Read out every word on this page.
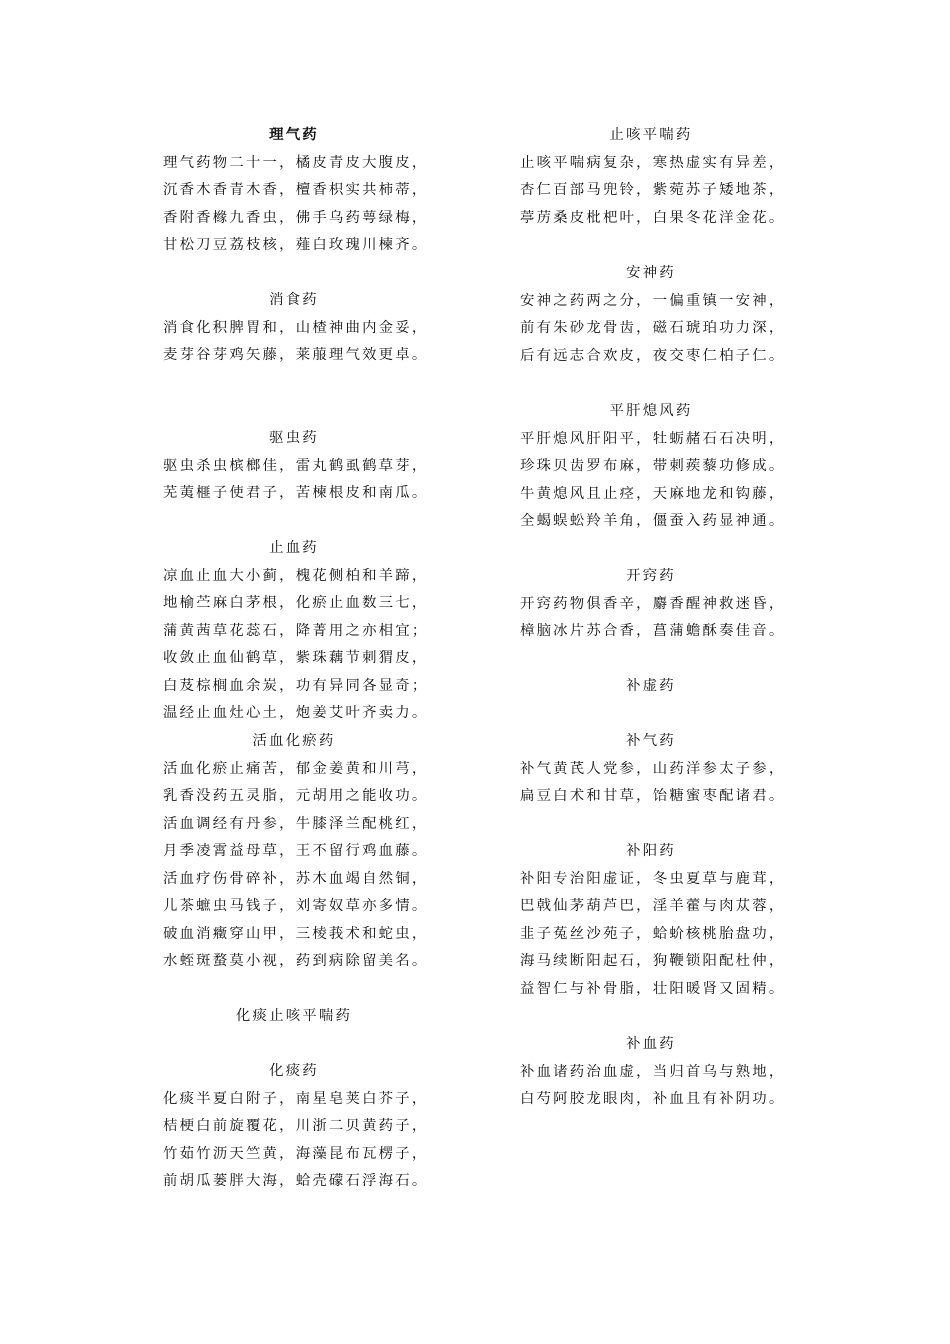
理气药
理气药物二十一，橘皮青皮大腹皮，
沉香木香青木香，檀香枳实共柿蒂，
香附香橼九香虫，佛手乌药萼绿梅，
甘松刀豆荔枝核，薤白玫瑰川楝齐。
消食药
消食化积脾胃和，山楂神曲内金妥，
麦芽谷芽鸡矢藤，莱菔理气效更卓。
驱虫药
驱虫杀虫槟榔佳，雷丸鹤虱鹤草芽，
芜荑榧子使君子，苦楝根皮和南瓜。
止血药
凉血止血大小蓟，槐花侧柏和羊蹄，
地榆苎麻白茅根，化瘀止血数三七，
蒲黄茜草花蕊石，降菁用之亦相宜；
收敛止血仙鹤草，紫珠藕节刺猬皮，
白芨棕榈血余炭，功有异同各显奇；
温经止血灶心土，炮姜艾叶齐卖力。
活血化瘀药
活血化瘀止痛苦，郁金姜黄和川芎，
乳香没药五灵脂，元胡用之能收功。
活血调经有丹参，牛膝泽兰配桃红，
月季凌霄益母草，王不留行鸡血藤。
活血疗伤骨碎补，苏木血竭自然铜，
儿茶蟅虫马钱子，刘寄奴草亦多情。
破血消癥穿山甲，三棱莪术和蛇虫，
水蛭斑蝥莫小视，药到病除留美名。
化痰止咳平喘药
化痰药
化痰半夏白附子，南星皂荚白芥子，
桔梗白前旋覆花，川浙二贝黄药子，
竹茹竹沥天竺黄，海藻昆布瓦楞子，
前胡瓜蒌胖大海，蛤壳礞石浮海石。
止咳平喘药
止咳平喘病复杂，寒热虚实有异差，
杏仁百部马兜铃，紫菀苏子矮地茶，
葶苈桑皮枇杷叶，白果冬花洋金花。
安神药
安神之药两之分，一偏重镇一安神，
前有朱砂龙骨齿，磁石琥珀功力深，
后有远志合欢皮，夜交枣仁柏子仁。
平肝熄风药
平肝熄风肝阳平，牡蛎赭石石决明，
珍珠贝齿罗布麻，带刺蒺藜功修成。
牛黄熄风且止痉，天麻地龙和钩藤，
全蝎蜈蚣羚羊角，僵蚕入药显神通。
开窍药
开窍药物俱香辛，麝香醒神救迷昏，
樟脑冰片苏合香，菖蒲蟾酥奏佳音。
补虚药
补气药
补气黄芪人党参，山药洋参太子参，
扁豆白术和甘草，饴糖蜜枣配诸君。
补阳药
补阳专治阳虚证，冬虫夏草与鹿茸，
巴戟仙茅葫芦巴，淫羊藿与肉苁蓉，
韭子菟丝沙苑子，蛤蚧核桃胎盘功，
海马续断阳起石，狗鞭锁阳配杜仲，
益智仁与补骨脂，壮阳暖肾又固精。
补血药
补血诸药治血虚，当归首乌与熟地，
白芍阿胶龙眼肉，补血且有补阴功。
